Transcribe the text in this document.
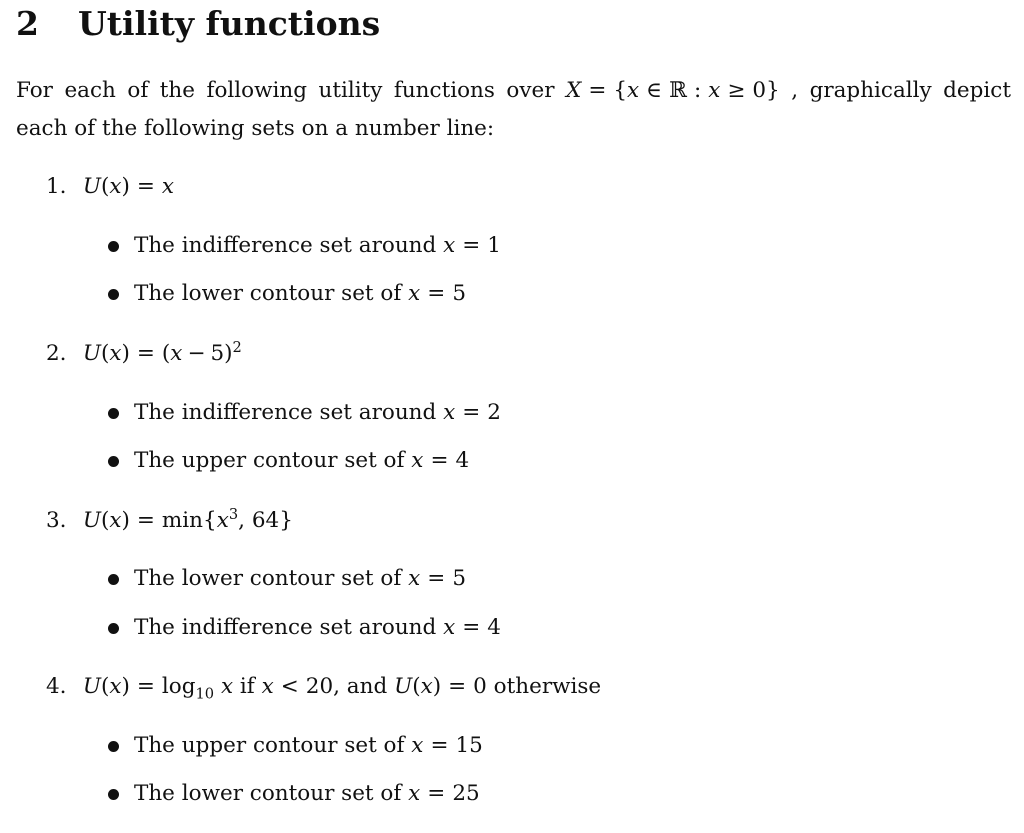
2 Utility functions
For each of the following utility functions over X = {x ∈ ℝ : x ≥ 0} , graphically depict
each of the following sets on a number line:
1. U(x) = x
The indifference set around x = 1
The lower contour set of x = 5
2. $U(x) = (x - 5)^2$
The indifference set around x = 2
The upper contour set of x = 4
3. $U(x) = \min\{x^3$, 64}
The lower contour set of x = 5
The indifference set around x = 4
4. $U(x) = \log_{10} x$ if x < 20, and U(x) = 0 otherwise
The upper contour set of x = 15
The lower contour set of x = 25
